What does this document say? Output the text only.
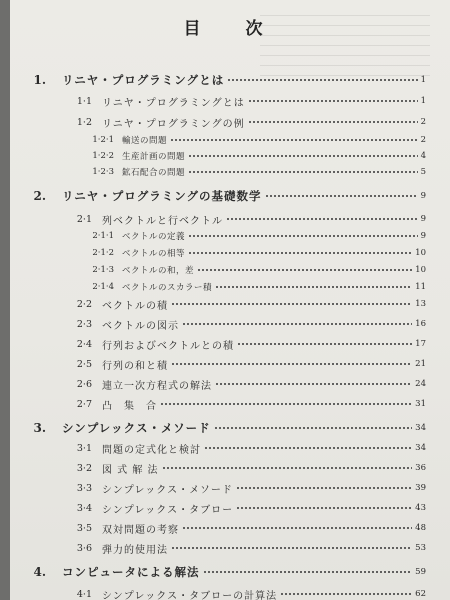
目　次
1.	リニヤ・プログラミングとは	1
1·1	リニヤ・プログラミングとは	1
1·2	リニヤ・プログラミングの例	2
1·2·1 輸送の問題	2
1·2·2 生産計画の問題	4
1·2·3 鉱石配合の問題	5
2.	リニヤ・プログラミングの基礎数学	9
2·1	列ベクトルと行ベクトル	9
2·1·1 ベクトルの定義	9
2·1·2 ベクトルの相等	10
2·1·3 ベクトルの和，差	10
2·1·4 ベクトルのスカラー積	11
2·2	ベクトルの積	13
2·3	ベクトルの図示	16
2·4	行列およびベクトルとの積	17
2·5	行列の和と積	21
2·6	連立一次方程式の解法	24
2·7	凸　集　合	31
3.	シンプレックス・メソード	34
3·1	問題の定式化と検討	34
3·2	図 式 解 法	36
3·3	シンプレックス・メソード	39
3·4	シンプレックス・タブロー	43
3·5	双対問題の考察	48
3·6	弾力的使用法	53
4.	コンピュータによる解法	59
4·1	シンプレックス・タブローの計算法	62
